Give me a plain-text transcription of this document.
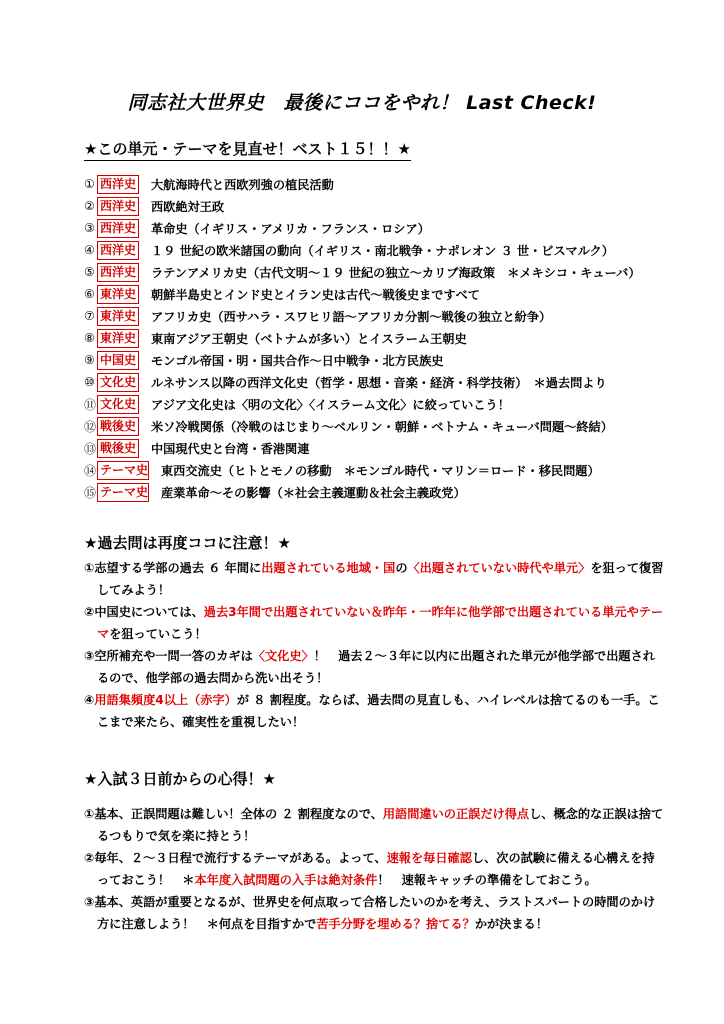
同志社大世界史　最後にココをやれ！ Last Check!
★この単元・テーマを見直せ！ベスト１５！！★
① 西洋史 大航海時代と西欧列強の植民活動
② 西洋史 西欧絶対王政
③ 西洋史 革命史（イギリス・アメリカ・フランス・ロシア）
④ 西洋史 １９ 世紀の欧米諸国の動向（イギリス・南北戦争・ナポレオン ３ 世・ビスマルク）
⑤ 西洋史 ラテンアメリカ史（古代文明～１９ 世紀の独立～カリブ海政策　＊メキシコ・キューバ）
⑥ 東洋史 朝鮮半島史とインド史とイラン史は古代～戦後史まですべて
⑦ 東洋史 アフリカ史（西サハラ・スワヒリ語～アフリカ分割～戦後の独立と紛争）
⑧ 東洋史 東南アジア王朝史（ベトナムが多い）とイスラーム王朝史
⑨ 中国史 モンゴル帝国・明・国共合作～日中戦争・北方民族史
⑩ 文化史 ルネサンス以降の西洋文化史（哲学・思想・音楽・経済・科学技術）　＊過去問より
⑪ 文化史 アジア文化史は〈明の文化〉〈イスラーム文化〉に絞っていこう！
⑫ 戦後史 米ソ冷戦関係（冷戦のはじまり～ベルリン・朝鮮・ベトナム・キューバ問題～終結）
⑬ 戦後史 中国現代史と台湾・香港関連
⑭ テーマ史 東西交流史（ヒトとモノの移動　＊モンゴル時代・マリン＝ロード・移民問題）
⑮ テーマ史 産業革命～その影響（＊社会主義運動＆社会主義政党）
★過去問は再度ココに注意！★
①志望する学部の過去 ６ 年間に出題されている地域・国の〈出題されていない時代や単元〉を狙って復習してみよう！
②中国史については、過去3年間で出題されていない＆昨年・一昨年に他学部で出題されている単元やテーマを狙っていこう！
③空所補充や一問一答のカギは〈文化史〉！　過去２～３年に以内に出題された単元が他学部で出題されるので、他学部の過去問から洗い出そう！
④用語集頻度4以上（赤字）が ８ 割程度。ならば、過去問の見直しも、ハイレベルは捨てるのも一手。ここまで来たら、確実性を重視したい！
★入試３日前からの心得！★
①基本、正誤問題は難しい！全体の ２ 割程度なので、用語間違いの正誤だけ得点し、概念的な正誤は捨てるつもりで気を楽に持とう！
②毎年、２～３日程で流行するテーマがある。よって、速報を毎日確認し、次の試験に備える心構えを持っておこう！　＊本年度入試問題の入手は絶対条件！　速報キャッチの準備をしておこう。
③基本、英語が重要となるが、世界史を何点取って合格したいのかを考え、ラストスパートの時間のかけ方に注意しよう！　＊何点を目指すかで苦手分野を埋める？捨てる？かが決まる！
